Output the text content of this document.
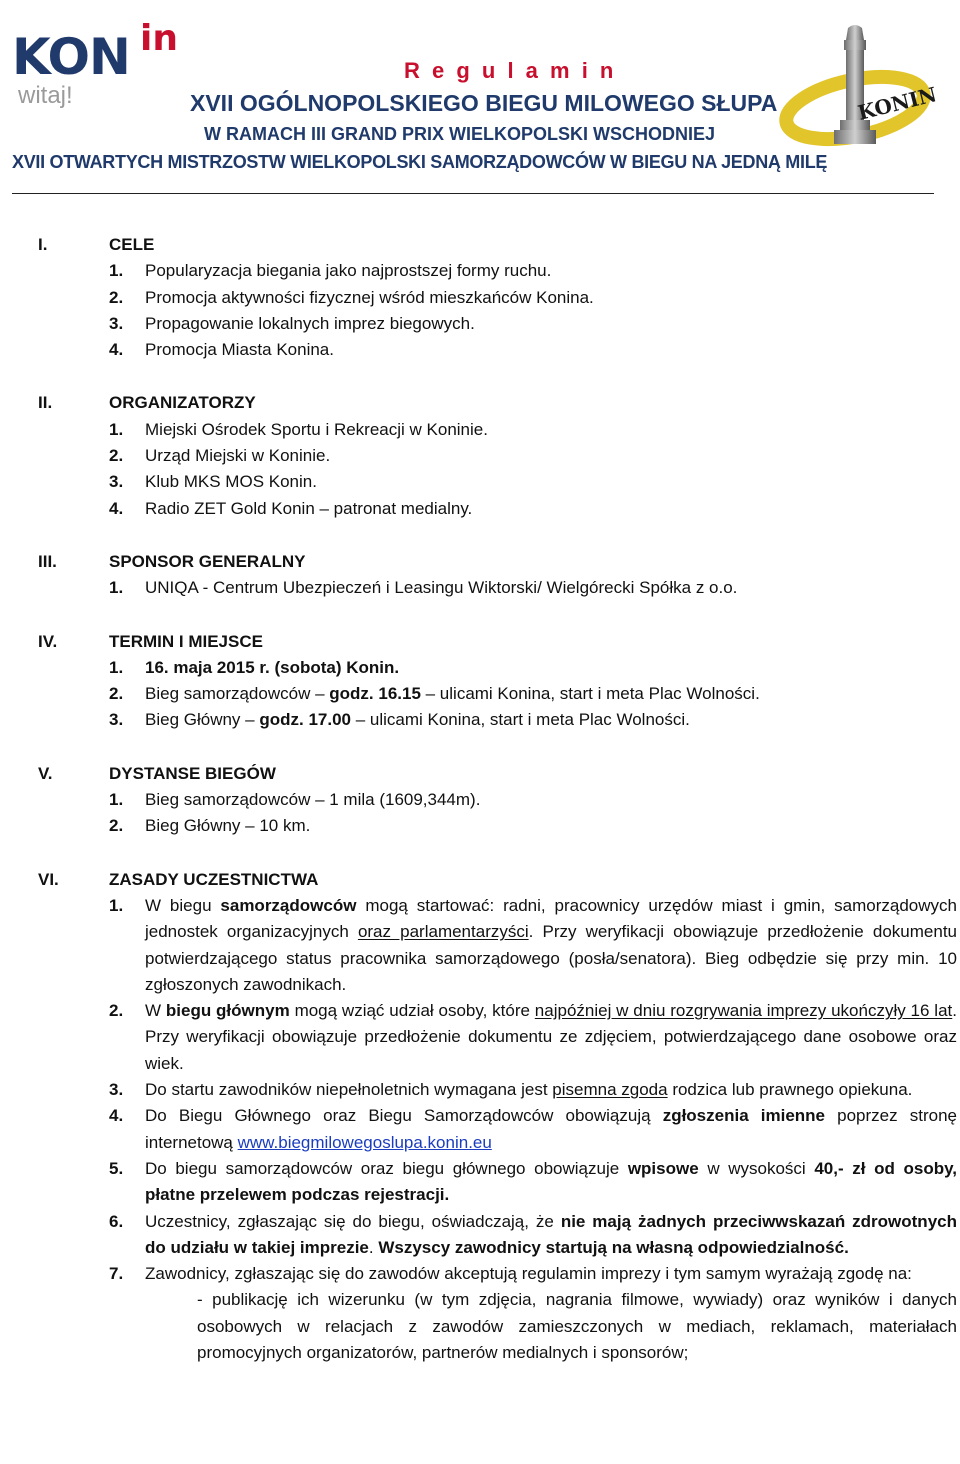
KON in
witaj!	KONIN
R e g u l a m i n
XVII OGÓLNOPOLSKIEGO BIEGU MILOWEGO SŁUPA
W RAMACH III GRAND PRIX WIELKOPOLSKI WSCHODNIEJ
XVII OTWARTYCH MISTRZOSTW WIELKOPOLSKI SAMORZĄDOWCÓW W BIEGU NA JEDNĄ MILĘ
I.	CELE
1. Popularyzacja biegania jako najprostszej formy ruchu.
2. Promocja aktywności fizycznej wśród mieszkańców Konina.
3. Propagowanie lokalnych imprez biegowych.
4. Promocja Miasta Konina.
II.	ORGANIZATORZY
1. Miejski Ośrodek Sportu i Rekreacji w Koninie.
2. Urząd Miejski w Koninie.
3. Klub MKS MOS Konin.
4. Radio ZET Gold Konin – patronat medialny.
III.	SPONSOR GENERALNY
1. UNIQA - Centrum Ubezpieczeń i Leasingu Wiktorski/ Wielgórecki Spółka z o.o.
IV.	TERMIN I MIEJSCE
1. 16. maja 2015 r. (sobota) Konin.
2. Bieg samorządowców – godz. 16.15 – ulicami Konina, start i meta Plac Wolności.
3. Bieg Główny – godz. 17.00 – ulicami Konina, start i meta Plac Wolności.
V.	DYSTANSE BIEGÓW
1. Bieg samorządowców – 1 mila (1609,344m).
2. Bieg Główny – 10 km.
VI.	ZASADY UCZESTNICTWA
1. W biegu samorządowców mogą startować: radni, pracownicy urzędów miast i gmin, samorządowych jednostek organizacyjnych oraz parlamentarzyści. Przy weryfikacji obowiązuje przedłożenie dokumentu potwierdzającego status pracownika samorządowego (posła/senatora). Bieg odbędzie się przy min. 10 zgłoszonych zawodnikach.
2. W biegu głównym mogą wziąć udział osoby, które najpóźniej w dniu rozgrywania imprezy ukończyły 16 lat. Przy weryfikacji obowiązuje przedłożenie dokumentu ze zdjęciem, potwierdzającego dane osobowe oraz wiek.
3. Do startu zawodników niepełnoletnich wymagana jest pisemna zgoda rodzica lub prawnego opiekuna.
4. Do Biegu Głównego oraz Biegu Samorządowców obowiązują zgłoszenia imienne poprzez stronę internetową www.biegmilowegoslupa.konin.eu
5. Do biegu samorządowców oraz biegu głównego obowiązuje wpisowe w wysokości 40,- zł od osoby, płatne przelewem podczas rejestracji.
6. Uczestnicy, zgłaszając się do biegu, oświadczają, że nie mają żadnych przeciwwskazań zdrowotnych do udziału w takiej imprezie. Wszyscy zawodnicy startują na własną odpowiedzialność.
7. Zawodnicy, zgłaszając się do zawodów akceptują regulamin imprezy i tym samym wyrażają zgodę na:
- publikację ich wizerunku (w tym zdjęcia, nagrania filmowe, wywiady) oraz wyników i danych osobowych w relacjach z zawodów zamieszczonych w mediach, reklamach, materiałach promocyjnych organizatorów, partnerów medialnych i sponsorów;
